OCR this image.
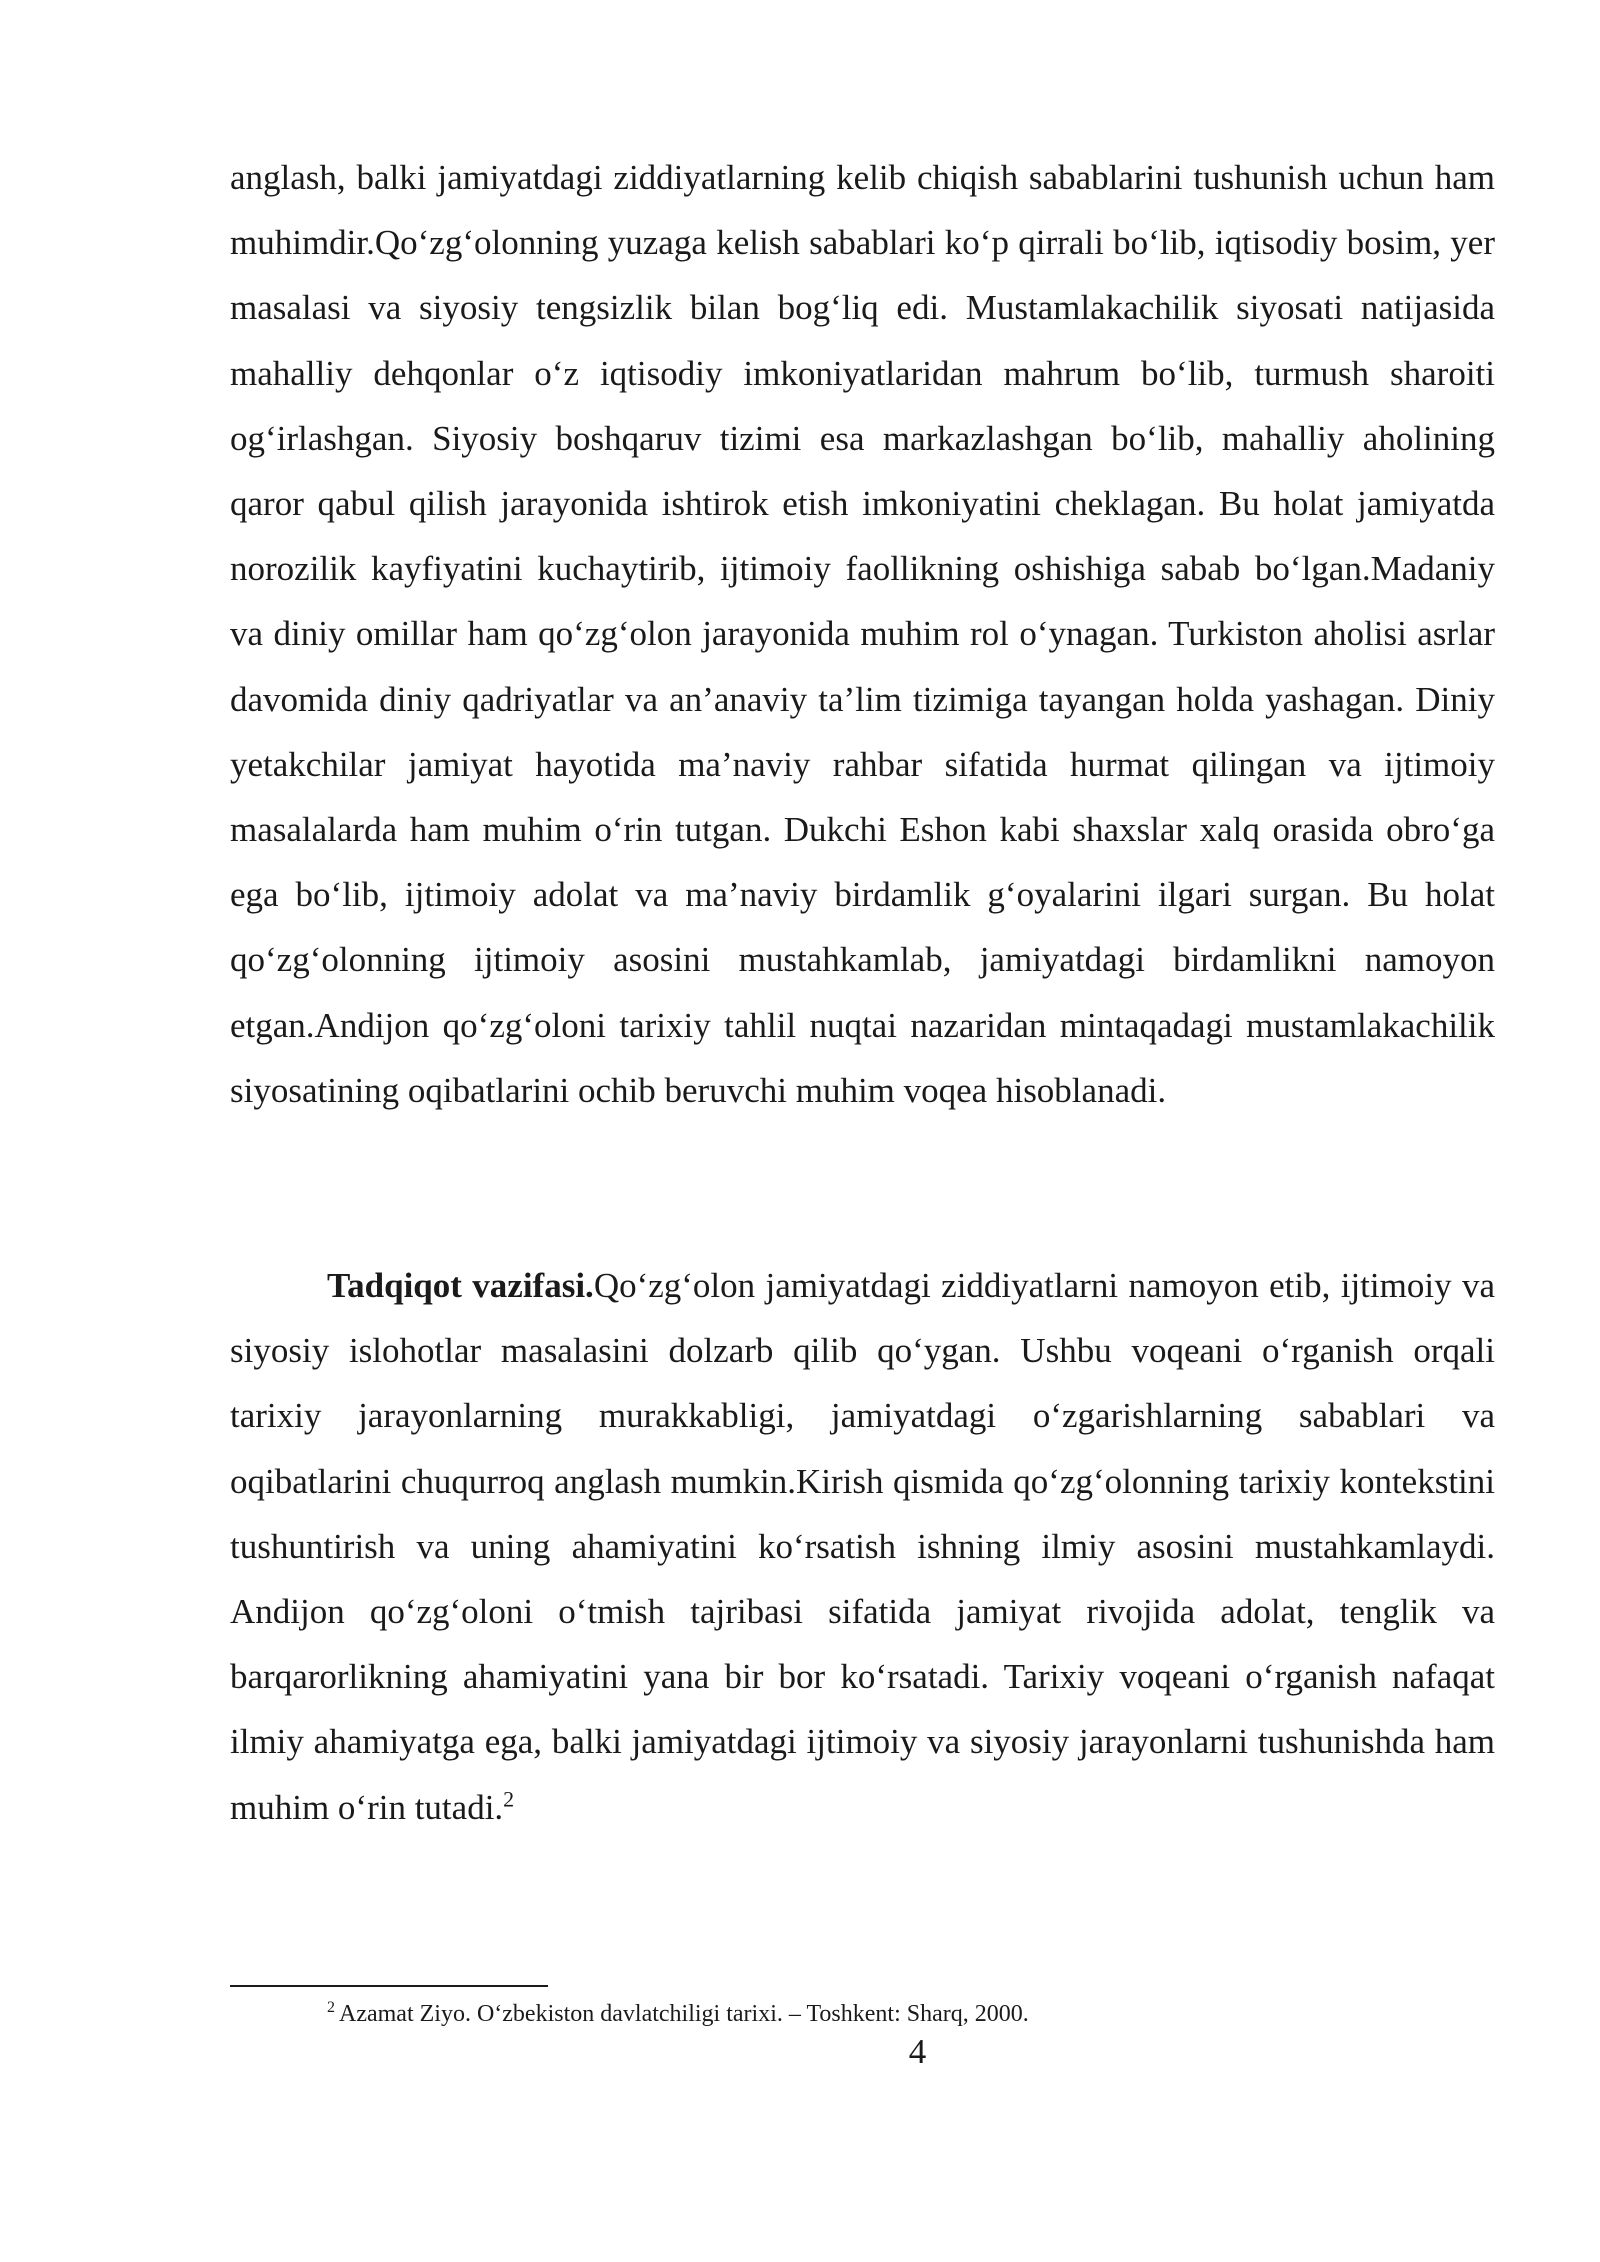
anglash, balki jamiyatdagi ziddiyatlarning kelib chiqish sabablarini tushunish uchun ham muhimdir.Qo‘zg‘olonning yuzaga kelish sabablari ko‘p qirrali bo‘lib, iqtisodiy bosim, yer masalasi va siyosiy tengsizlik bilan bog‘liq edi. Mustamlakachilik siyosati natijasida mahalliy dehqonlar o‘z iqtisodiy imkoniyatlaridan mahrum bo‘lib, turmush sharoiti og‘irlashgan. Siyosiy boshqaruv tizimi esa markazlashgan bo‘lib, mahalliy aholining qaror qabul qilish jarayonida ishtirok etish imkoniyatini cheklagan. Bu holat jamiyatda norozilik kayfiyatini kuchaytirib, ijtimoiy faollikning oshishiga sabab bo‘lgan.Madaniy va diniy omillar ham qo‘zg‘olon jarayonida muhim rol o‘ynagan. Turkiston aholisi asrlar davomida diniy qadriyatlar va an’anaviy ta’lim tizimiga tayangan holda yashagan. Diniy yetakchilar jamiyat hayotida ma’naviy rahbar sifatida hurmat qilingan va ijtimoiy masalalarda ham muhim o‘rin tutgan. Dukchi Eshon kabi shaxslar xalq orasida obro‘ga ega bo‘lib, ijtimoiy adolat va ma’naviy birdamlik g‘oyalarini ilgari surgan. Bu holat qo‘zg‘olonning ijtimoiy asosini mustahkamlab, jamiyatdagi birdamlikni namoyon etgan.Andijon qo‘zg‘oloni tarixiy tahlil nuqtai nazaridan mintaqadagi mustamlakachilik siyosatining oqibatlarini ochib beruvchi muhim voqea hisoblanadi.

Tadqiqot vazifasi.Qo‘zg‘olon jamiyatdagi ziddiyatlarni namoyon etib, ijtimoiy va siyosiy islohotlar masalasini dolzarb qilib qo‘ygan. Ushbu voqeani o‘rganish orqali tarixiy jarayonlarning murakkabligi, jamiyatdagi o‘zgarishlarning sabablari va oqibatlarini chuqurroq anglash mumkin.Kirish qismida qo‘zg‘olonning tarixiy kontekstini tushuntirish va uning ahamiyatini ko‘rsatish ishning ilmiy asosini mustahkamlaydi. Andijon qo‘zg‘oloni o‘tmish tajribasi sifatida jamiyat rivojida adolat, tenglik va barqarorlikning ahamiyatini yana bir bor ko‘rsatadi. Tarixiy voqeani o‘rganish nafaqat ilmiy ahamiyatga ega, balki jamiyatdagi ijtimoiy va siyosiy jarayonlarni tushunishda ham muhim o‘rin tutadi.$^2$

$^2$ Azamat Ziyo. O‘zbekiston davlatchiligi tarixi. – Toshkent: Sharq, 2000.
4
